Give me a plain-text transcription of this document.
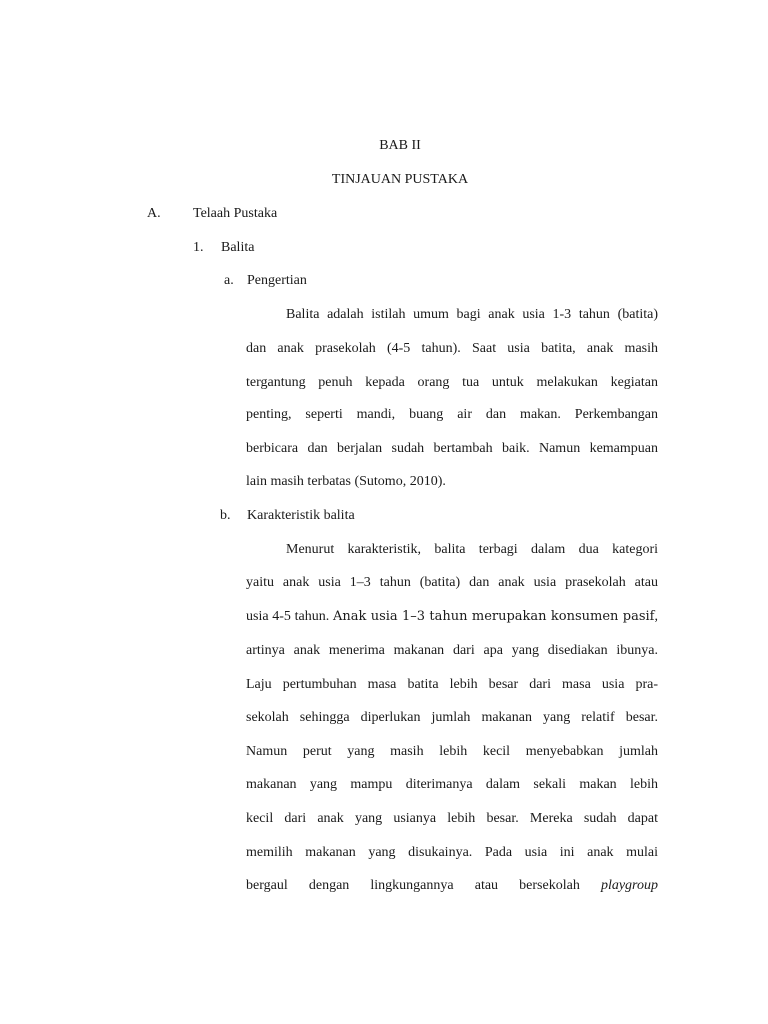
BAB II
TINJAUAN PUSTAKA
A. Telaah Pustaka
1. Balita
a. Pengertian
Balita adalah istilah umum bagi anak usia 1-3 tahun (batita)
dan anak prasekolah (4-5 tahun). Saat usia batita, anak masih
tergantung penuh kepada orang tua untuk melakukan kegiatan
penting, seperti mandi, buang air dan makan. Perkembangan
berbicara dan berjalan sudah bertambah baik. Namun kemampuan
lain masih terbatas (Sutomo, 2010).
b. Karakteristik balita
Menurut karakteristik, balita terbagi dalam dua kategori
yaitu anak usia 1–3 tahun (batita) dan anak usia prasekolah atau
usia 4-5 tahun. Anak usia 1–3 tahun merupakan konsumen pasif,
artinya anak menerima makanan dari apa yang disediakan ibunya.
Laju pertumbuhan masa batita lebih besar dari masa usia pra-
sekolah sehingga diperlukan jumlah makanan yang relatif besar.
Namun perut yang masih lebih kecil menyebabkan jumlah
makanan yang mampu diterimanya dalam sekali makan lebih
kecil dari anak yang usianya lebih besar. Mereka sudah dapat
memilih makanan yang disukainya. Pada usia ini anak mulai
bergaul dengan lingkungannya atau bersekolah playgroup
